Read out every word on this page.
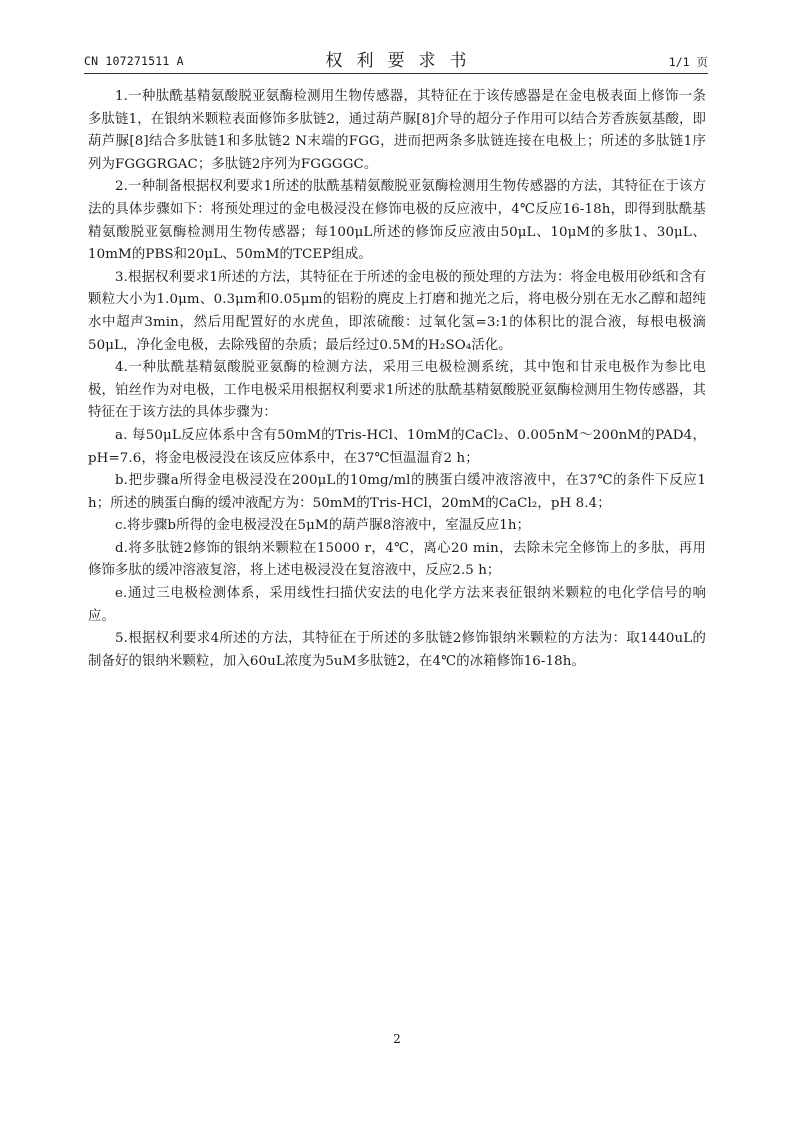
CN 107271511 A	权利要求书	1/1 页

1.一种肽酰基精氨酸脱亚氨酶检测用生物传感器，其特征在于该传感器是在金电极表面上修饰一条多肽链1，在银纳米颗粒表面修饰多肽链2，通过葫芦脲[8]介导的超分子作用可以结合芳香族氨基酸，即葫芦脲[8]结合多肽链1和多肽链2 N末端的FGG，进而把两条多肽链连接在电极上；所述的多肽链1序列为FGGGRGAC；多肽链2序列为FGGGGC。

2.一种制备根据权利要求1所述的肽酰基精氨酸脱亚氨酶检测用生物传感器的方法，其特征在于该方法的具体步骤如下：将预处理过的金电极浸没在修饰电极的反应液中，4℃反应16-18h，即得到肽酰基精氨酸脱亚氨酶检测用生物传感器；每100μL所述的修饰反应液由50μL、10μM的多肽1、30μL、10mM的PBS和20μL、50mM的TCEP组成。

3.根据权利要求1所述的方法，其特征在于所述的金电极的预处理的方法为：将金电极用砂纸和含有颗粒大小为1.0μm、0.3μm和0.05μm的铝粉的麂皮上打磨和抛光之后，将电极分别在无水乙醇和超纯水中超声3min，然后用配置好的水虎鱼，即浓硫酸：过氧化氢=3:1的体积比的混合液，每根电极滴50μL，净化金电极，去除残留的杂质；最后经过0.5M的H₂SO₄活化。

4.一种肽酰基精氨酸脱亚氨酶的检测方法，采用三电极检测系统，其中饱和甘汞电极作为参比电极，铂丝作为对电极，工作电极采用根据权利要求1所述的肽酰基精氨酸脱亚氨酶检测用生物传感器，其特征在于该方法的具体步骤为：

a. 每50μL反应体系中含有50mM的Tris-HCl、10mM的CaCl₂、0.005nM～200nM的PAD4，pH=7.6，将金电极浸没在该反应体系中，在37℃恒温温育2 h；

b.把步骤a所得金电极浸没在200μL的10mg/ml的胰蛋白缓冲液溶液中，在37℃的条件下反应1 h；所述的胰蛋白酶的缓冲液配方为：50mM的Tris-HCl，20mM的CaCl₂，pH 8.4；

c.将步骤b所得的金电极浸没在5μM的葫芦脲8溶液中，室温反应1h；

d.将多肽链2修饰的银纳米颗粒在15000 r，4℃，离心20 min，去除未完全修饰上的多肽，再用修饰多肽的缓冲溶液复溶，将上述电极浸没在复溶液中，反应2.5 h；

e.通过三电极检测体系，采用线性扫描伏安法的电化学方法来表征银纳米颗粒的电化学信号的响应。

5.根据权利要求4所述的方法，其特征在于所述的多肽链2修饰银纳米颗粒的方法为：取1440uL的制备好的银纳米颗粒，加入60uL浓度为5uM多肽链2，在4℃的冰箱修饰16-18h。

2
